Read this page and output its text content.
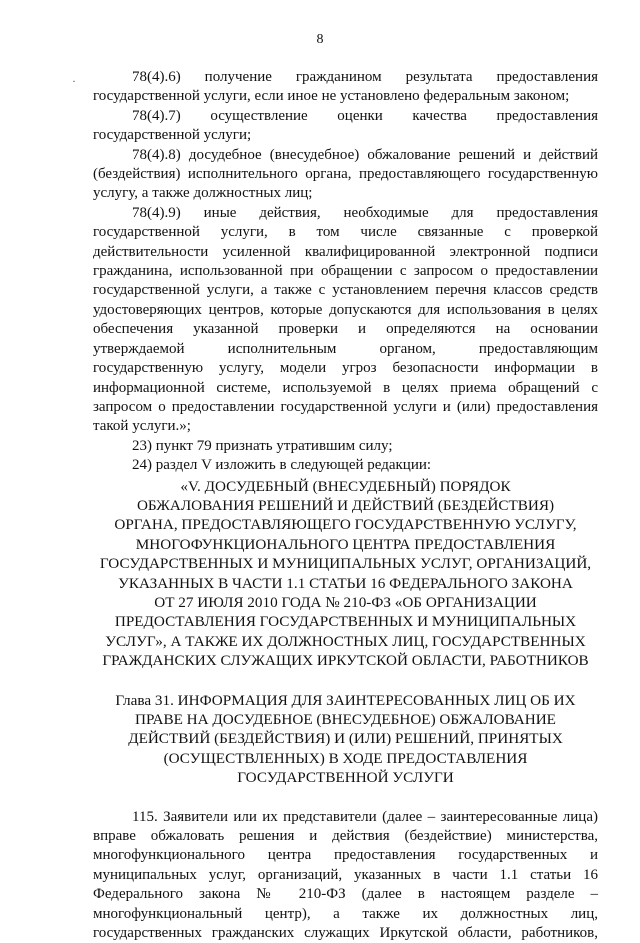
8
·	78(4).6) получение гражданином результата предоставления
государственной услуги, если иное не установлено федеральным законом;
78(4).7) осуществление оценки качества предоставления
государственной услуги;
78(4).8) досудебное (внесудебное) обжалование решений и действий
(бездействия) исполнительного органа, предоставляющего государственную
услугу, а также должностных лиц;
78(4).9) иные действия, необходимые для предоставления
государственной услуги, в том числе связанные с проверкой
действительности усиленной квалифицированной электронной подписи
гражданина, использованной при обращении с запросом о предоставлении
государственной услуги, а также с установлением перечня классов средств
удостоверяющих центров, которые допускаются для использования в целях
обеспечения указанной проверки и определяются на основании
утверждаемой исполнительным органом, предоставляющим
государственную услугу, модели угроз безопасности информации в
информационной системе, используемой в целях приема обращений с
запросом о предоставлении государственной услуги и (или) предоставления
такой услуги.»;
23) пункт 79 признать утратившим силу;
24) раздел V изложить в следующей редакции:
«V. ДОСУДЕБНЫЙ (ВНЕСУДЕБНЫЙ) ПОРЯДОК
ОБЖАЛОВАНИЯ РЕШЕНИЙ И ДЕЙСТВИЙ (БЕЗДЕЙСТВИЯ)
ОРГАНА, ПРЕДОСТАВЛЯЮЩЕГО ГОСУДАРСТВЕННУЮ УСЛУГУ,
МНОГОФУНКЦИОНАЛЬНОГО ЦЕНТРА ПРЕДОСТАВЛЕНИЯ
ГОСУДАРСТВЕННЫХ И МУНИЦИПАЛЬНЫХ УСЛУГ, ОРГАНИЗАЦИЙ,
УКАЗАННЫХ В ЧАСТИ 1.1 СТАТЬИ 16 ФЕДЕРАЛЬНОГО ЗАКОНА
ОТ 27 ИЮЛЯ 2010 ГОДА № 210-ФЗ «ОБ ОРГАНИЗАЦИИ
ПРЕДОСТАВЛЕНИЯ ГОСУДАРСТВЕННЫХ И МУНИЦИПАЛЬНЫХ
УСЛУГ», А ТАКЖЕ ИХ ДОЛЖНОСТНЫХ ЛИЦ, ГОСУДАРСТВЕННЫХ
ГРАЖДАНСКИХ СЛУЖАЩИХ ИРКУТСКОЙ ОБЛАСТИ, РАБОТНИКОВ
Глава 31. ИНФОРМАЦИЯ ДЛЯ ЗАИНТЕРЕСОВАННЫХ ЛИЦ ОБ ИХ
ПРАВЕ НА ДОСУДЕБНОЕ (ВНЕСУДЕБНОЕ) ОБЖАЛОВАНИЕ
ДЕЙСТВИЙ (БЕЗДЕЙСТВИЯ) И (ИЛИ) РЕШЕНИЙ, ПРИНЯТЫХ
(ОСУЩЕСТВЛЕННЫХ) В ХОДЕ ПРЕДОСТАВЛЕНИЯ
ГОСУДАРСТВЕННОЙ УСЛУГИ
115. Заявители или их представители (далее – заинтересованные лица)
вправе обжаловать решения и действия (бездействие) министерства,
многофункционального центра предоставления государственных и
муниципальных услуг, организаций, указанных в части 1.1 статьи 16
Федерального закона № 210-ФЗ (далее в настоящем разделе –
многофункциональный центр), а также их должностных лиц,
государственных гражданских служащих Иркутской области, работников,
